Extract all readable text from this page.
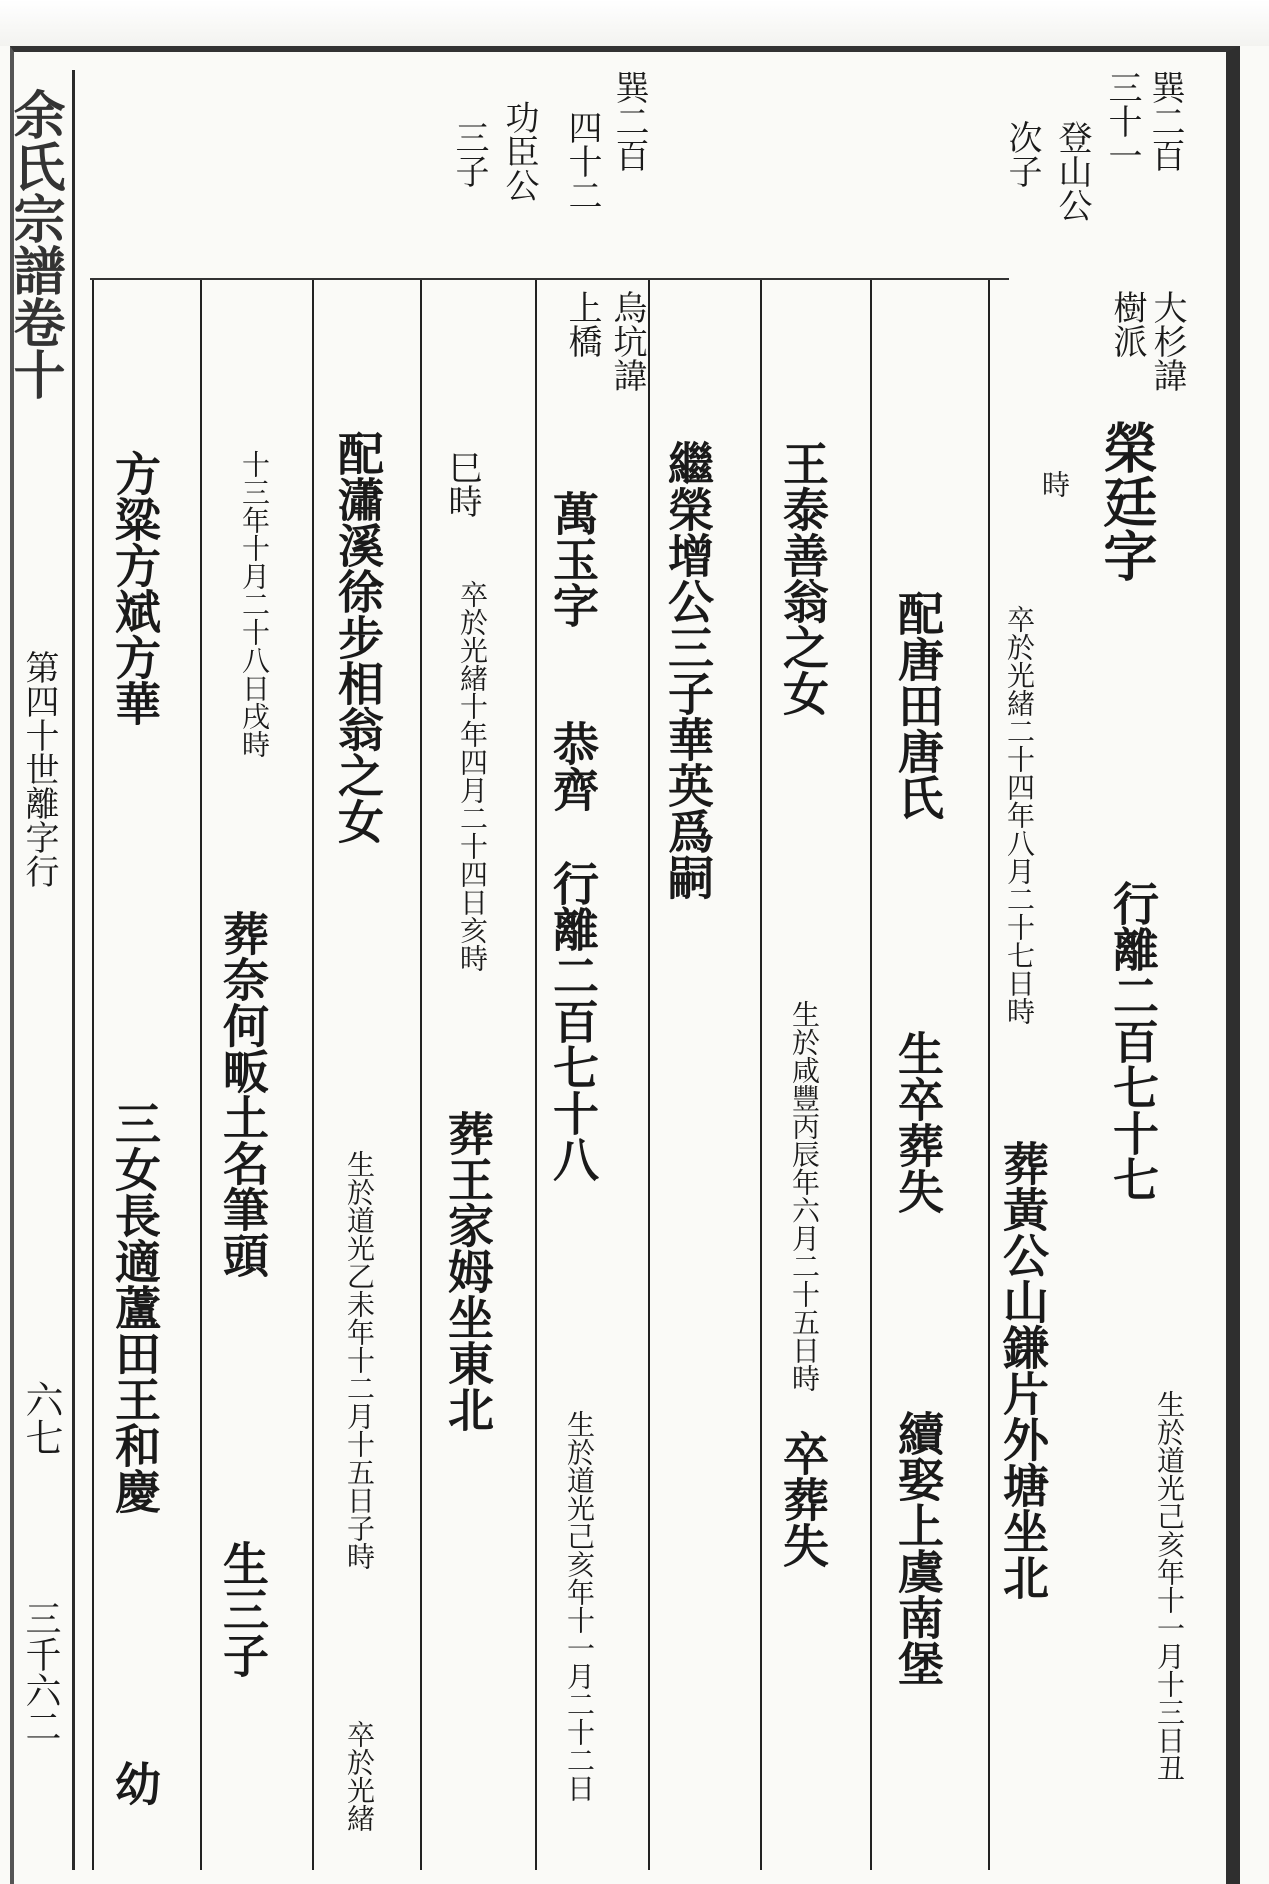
余氏宗譜卷十
第四十世離字行
六七
三千六二
巽二百
三十一
登山公
次子
巽二百
四十二
功臣公
三子
大杉諱
樹派
榮廷字
行離二百七十七
生於道光己亥年十一月十三日丑
時
卒於光緒二十四年八月二十七日時
葬黃公山鎌片外塘坐北
配唐田唐氏
生卒葬失
續娶上虞南堡
王泰善翁之女
生於咸豐丙辰年六月二十五日時
卒葬失
繼榮增公三子華英爲嗣
烏坑諱
上橋
萬玉字
恭齊
行離二百七十八
生於道光己亥年十一月二十二日
巳時
卒於光緒十年四月二十四日亥時
葬王家姆坐東北
配瀟溪徐步相翁之女
生於道光乙未年十二月十五日子時
卒於光緒
十三年十月二十八日戌時
葬奈何畈土名筆頭
生三子
方粱方斌方華
三女長適蘆田王和慶
幼
